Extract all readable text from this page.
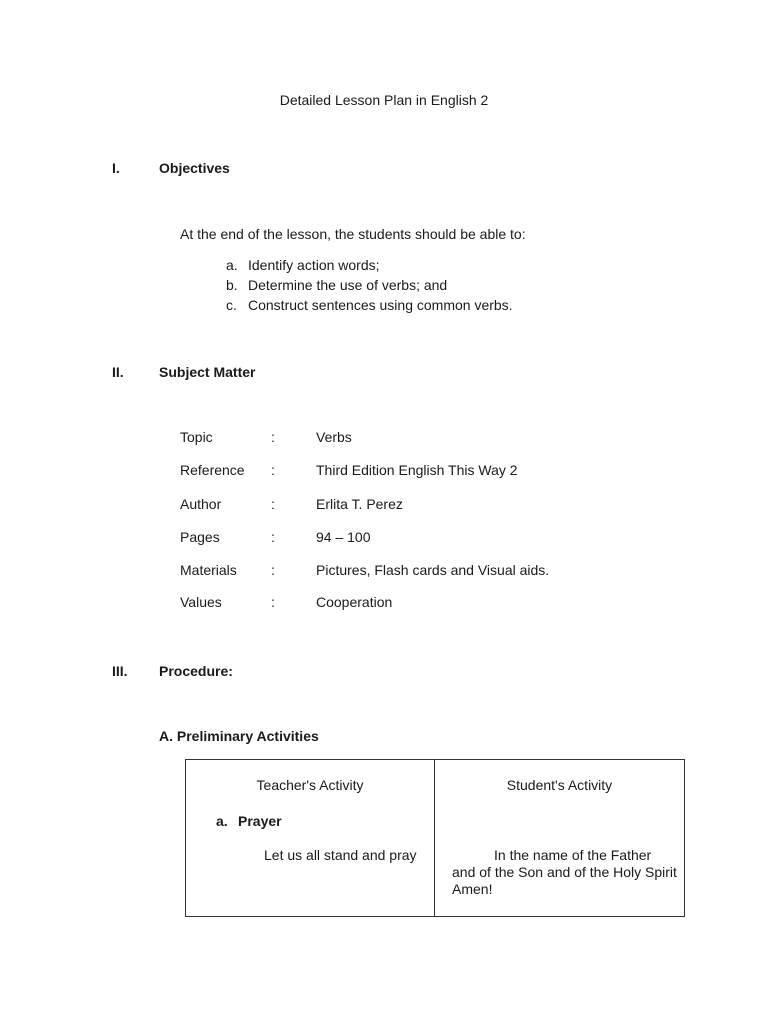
Detailed Lesson Plan in English 2
I.	Objectives
At the end of the lesson, the students should be able to:
a. Identify action words;
b. Determine the use of verbs; and
c. Construct sentences using common verbs.
II.	Subject Matter
Topic	:	Verbs
Reference :	Third Edition English This Way 2
Author	:	Erlita T. Perez
Pages	:	94 – 100
Materials :	Pictures, Flash cards and Visual aids.
Values	:	Cooperation
III. Procedure:
A. Preliminary Activities
Teacher's Activity	Student's Activity
a. Prayer
Let us all stand and pray	In the name of the Father and of the Son and of the Holy Spirit Amen!
